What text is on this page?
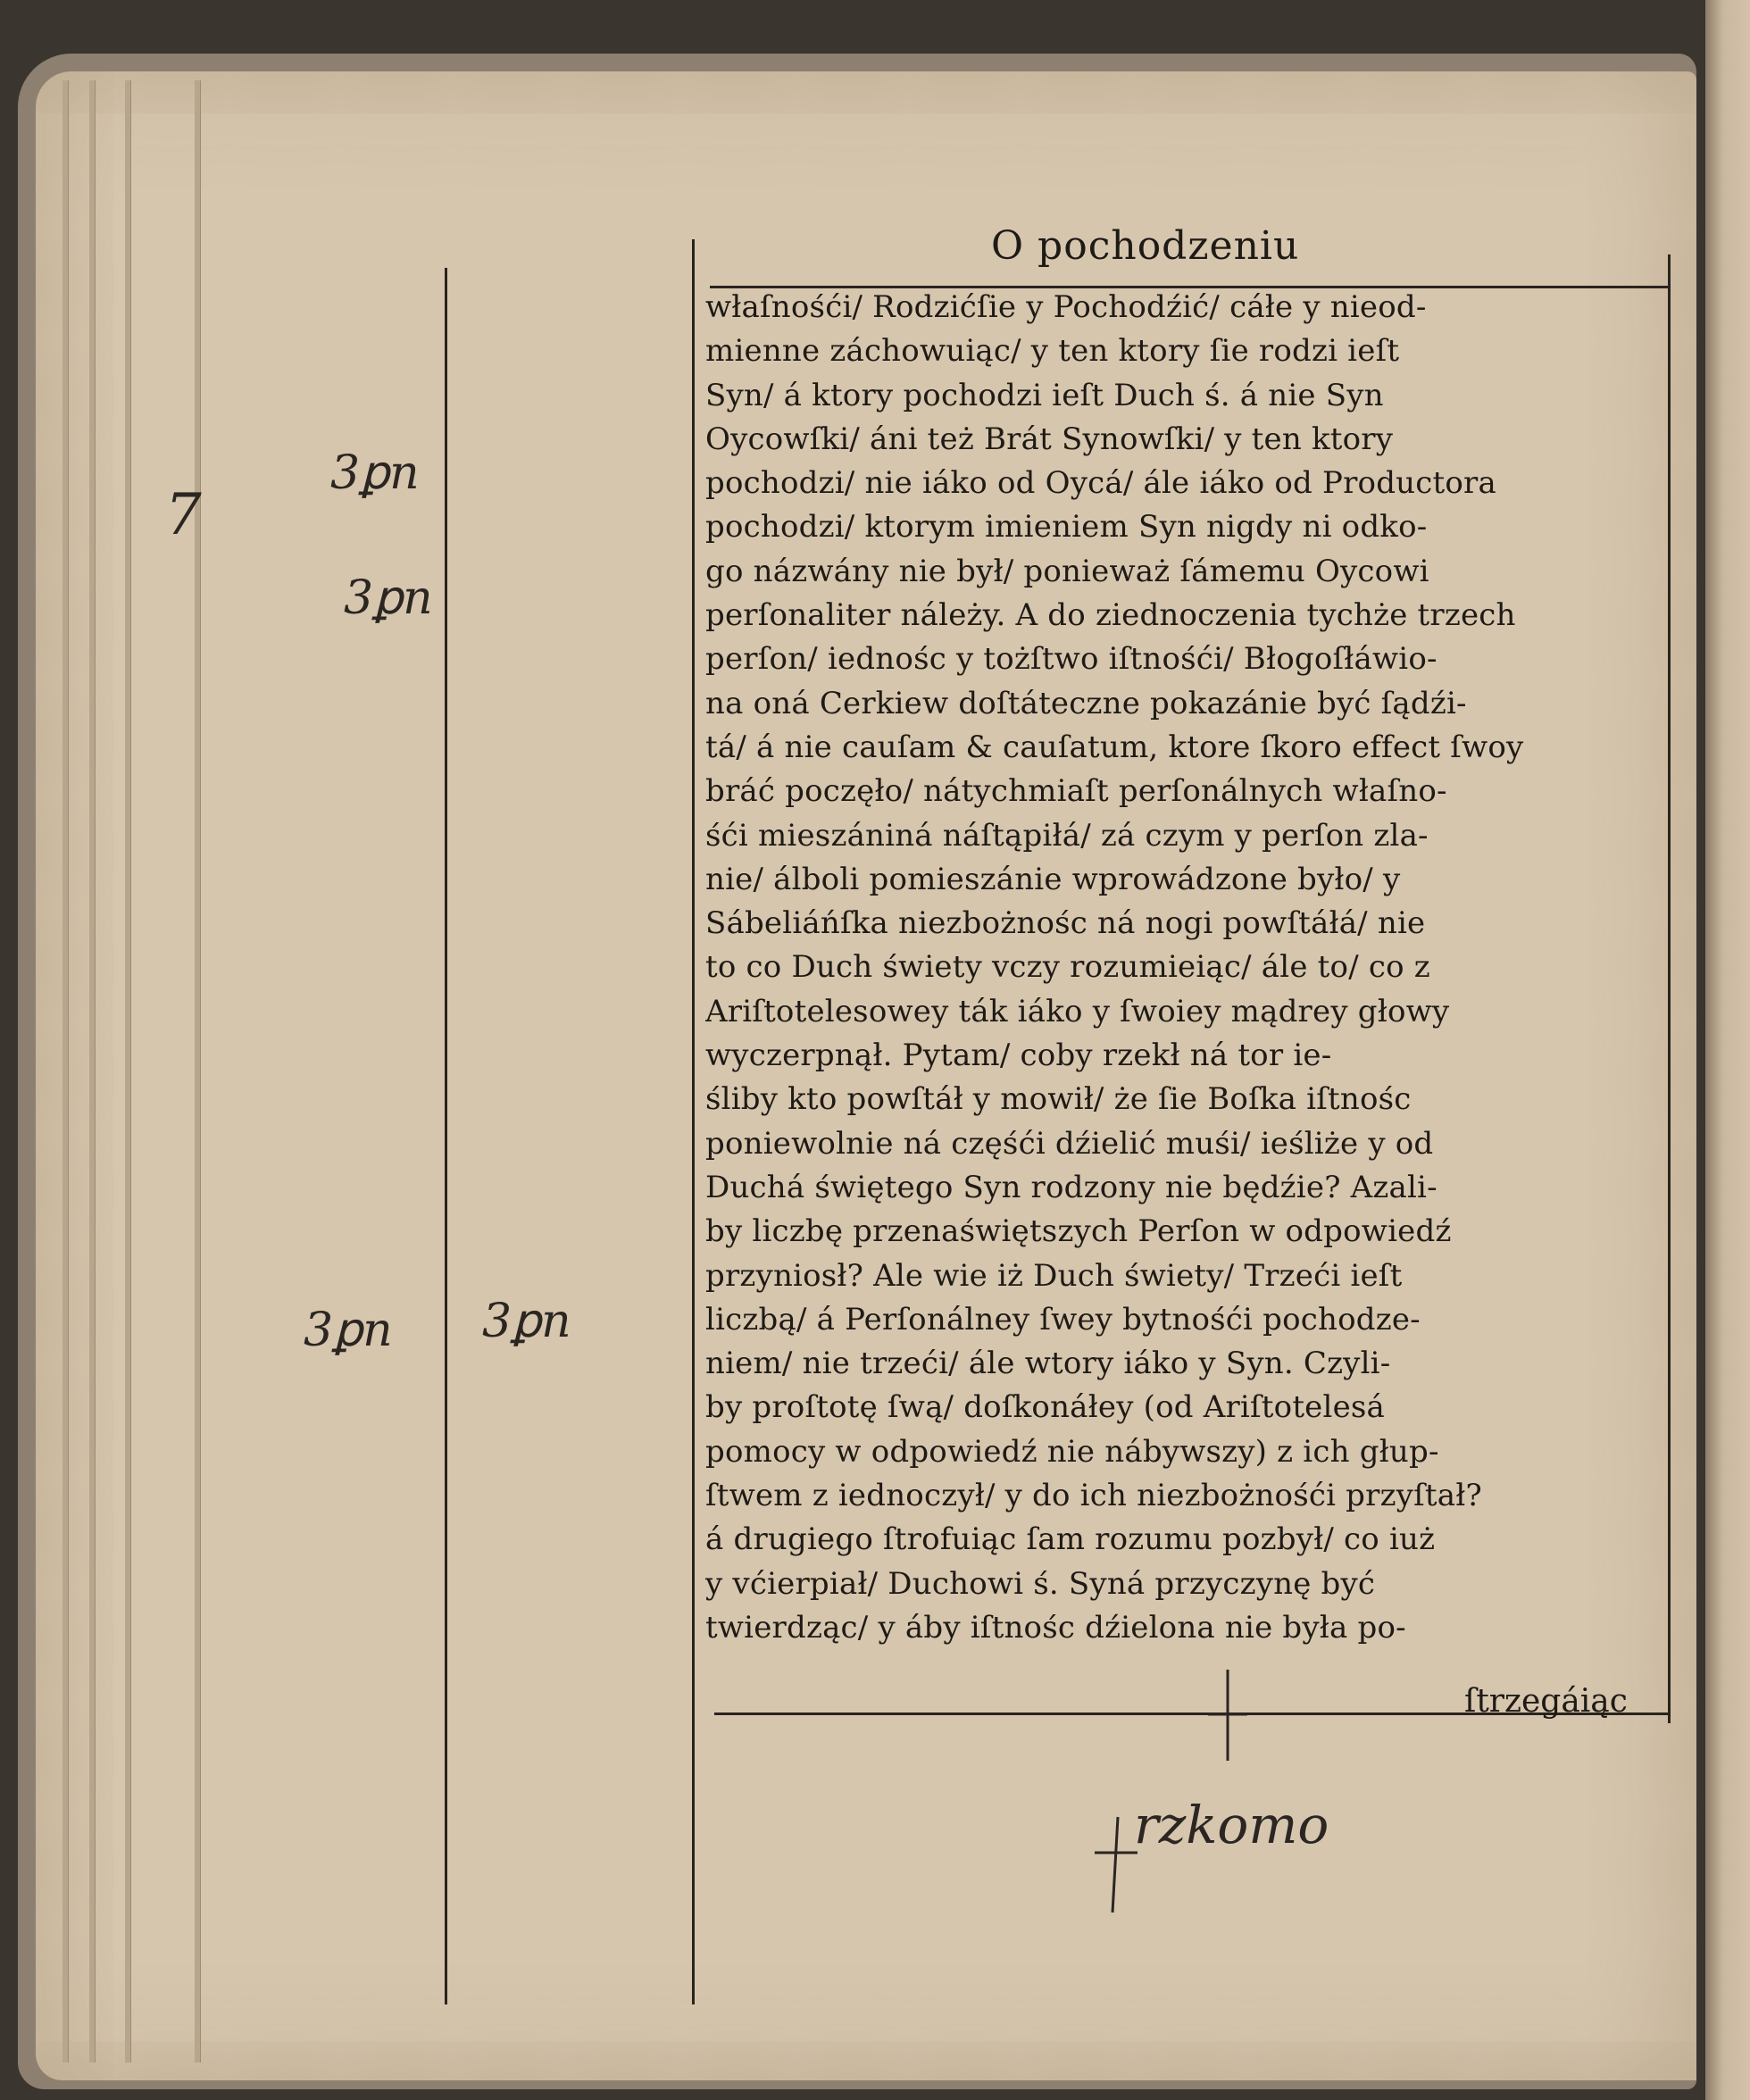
O pochodzeniu
właſnośći/ Rodzićſie y Pochodźić/ cáłe y nieod-
mienne záchowuiąc/ y ten ktory ſie rodzi ieſt
Syn/ á ktory pochodzi ieſt Duch ś. á nie Syn
Oycowſki/ áni też Brát Synowſki/ y ten ktory
pochodzi/ nie iáko od Oycá/ ále iáko od Productora
pochodzi/ ktorym imieniem Syn nigdy ni odko-
go názwány nie był/ ponieważ ſámemu Oycowi
perſonaliter náleży. A do ziednoczenia tychże trzech
perſon/ iednośc y tożſtwo iſtnośći/ Błogoſłáwio-
na oná Cerkiew doſtáteczne pokazánie być ſądźi-
tá/ á nie cauſam & cauſatum, ktore ſkoro effect ſwoy
bráć poczęło/ nátychmiaſt perſonálnych właſno-
śći mieszániná náſtąpiłá/ zá czym y perſon zla-
nie/ álboli pomieszánie wprowádzone było/ y
Sábeliáńſka niezbożnośc ná nogi powſtáłá/ nie
to co Duch świety vczy rozumieiąc/ ále to/ co z
Ariſtotelesowey ták iáko y ſwoiey mądrey głowy
wyczerpnął. Pytam/ coby rzekł ná tor ie-
śliby kto powſtáł y mowił/ że ſie Boſka iſtnośc
poniewolnie ná częśći dźielić muśi/ ieśliże y od
Duchá świętego Syn rodzony nie będźie? Azali-
by liczbę przenaświętszych Perſon w odpowiedź
przyniosł? Ale wie iż Duch świety/ Trzeći ieſt
liczbą/ á Perſonálney ſwey bytnośći pochodze-
niem/ nie trzeći/ ále wtory iáko y Syn. Czyli-
by proſtotę ſwą/ doſkonáłey (od Ariſtotelesá
pomocy w odpowiedź nie nábywszy) z ich głup-
ſtwem z iednoczył/ y do ich niezbożnośći przyſtał?
á drugiego ſtrofuiąc ſam rozumu pozbył/ co iuż
y vćierpiał/ Duchowi ś. Syná przyczynę być
twierdząc/ y áby iſtnośc dźielona nie była po-
ſtrzegáiąc
7
3ꝑn
3ꝑn
3ꝑn 3ꝑn
rzkomo
